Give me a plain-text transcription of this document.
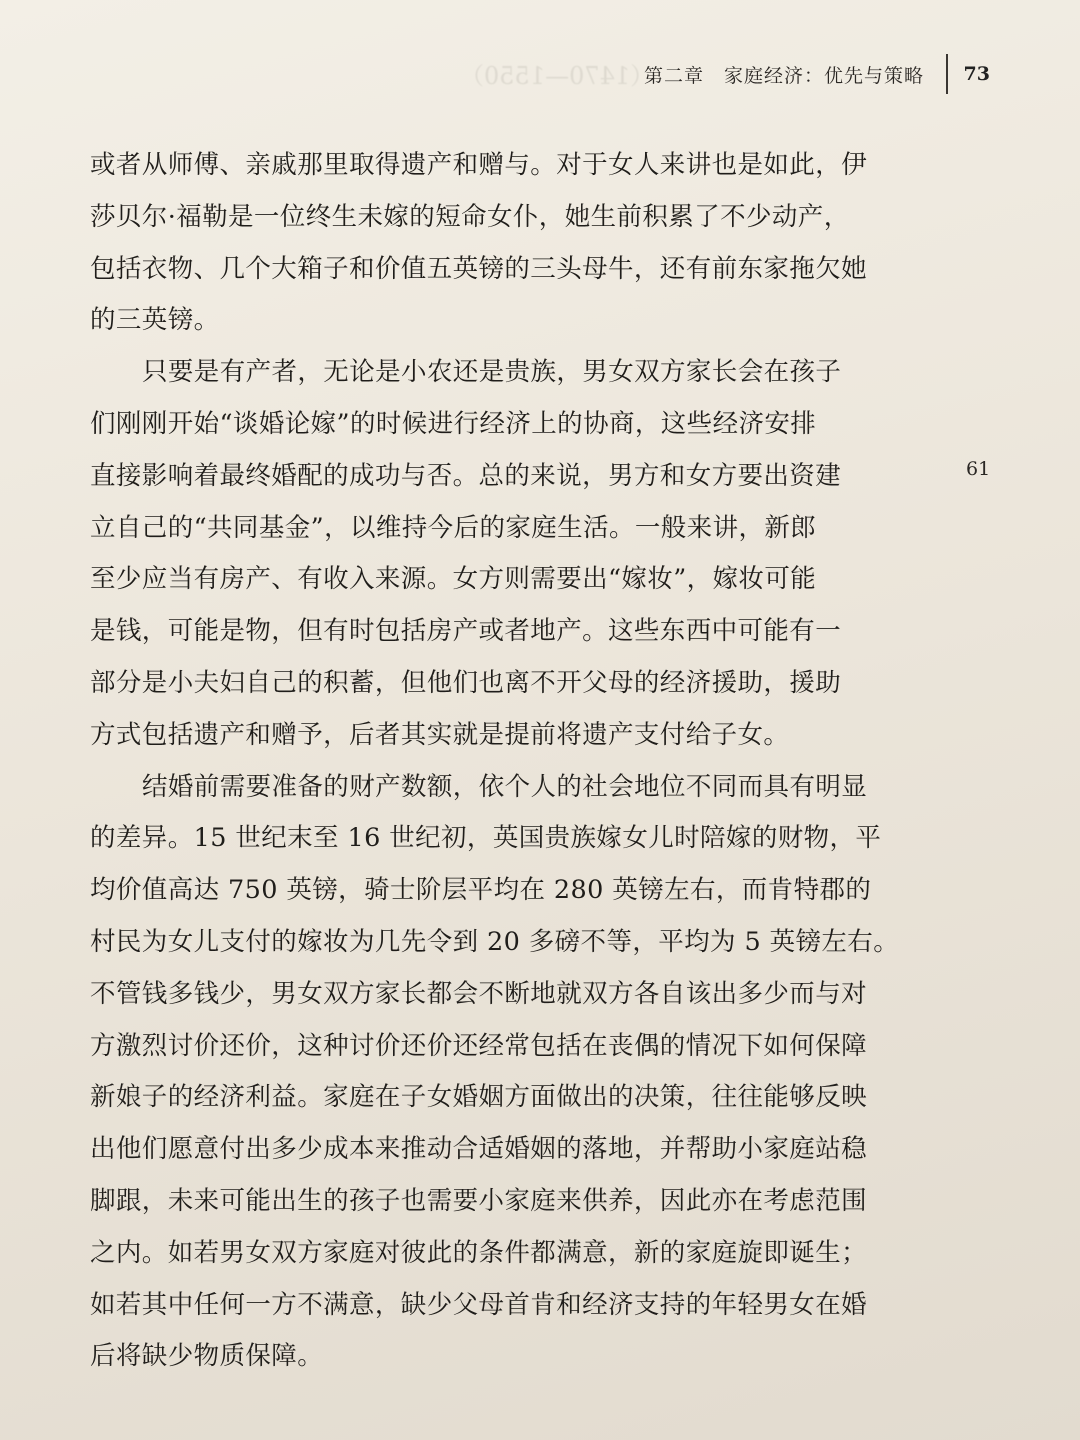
（1470—1550）
第二章　家庭经济：优先与策略 73
61
或者从师傅、亲戚那里取得遗产和赠与。对于女人来讲也是如此，伊
莎贝尔·福勒是一位终生未嫁的短命女仆，她生前积累了不少动产，
包括衣物、几个大箱子和价值五英镑的三头母牛，还有前东家拖欠她
的三英镑。
只要是有产者，无论是小农还是贵族，男女双方家长会在孩子
们刚刚开始“谈婚论嫁”的时候进行经济上的协商，这些经济安排
直接影响着最终婚配的成功与否。总的来说，男方和女方要出资建
立自己的“共同基金”，以维持今后的家庭生活。一般来讲，新郎
至少应当有房产、有收入来源。女方则需要出“嫁妆”，嫁妆可能
是钱，可能是物，但有时包括房产或者地产。这些东西中可能有一
部分是小夫妇自己的积蓄，但他们也离不开父母的经济援助，援助
方式包括遗产和赠予，后者其实就是提前将遗产支付给子女。
结婚前需要准备的财产数额，依个人的社会地位不同而具有明显
的差异。15 世纪末至 16 世纪初，英国贵族嫁女儿时陪嫁的财物，平
均价值高达 750 英镑，骑士阶层平均在 280 英镑左右，而肯特郡的
村民为女儿支付的嫁妆为几先令到 20 多磅不等，平均为 5 英镑左右。
不管钱多钱少，男女双方家长都会不断地就双方各自该出多少而与对
方激烈讨价还价，这种讨价还价还经常包括在丧偶的情况下如何保障
新娘子的经济利益。家庭在子女婚姻方面做出的决策，往往能够反映
出他们愿意付出多少成本来推动合适婚姻的落地，并帮助小家庭站稳
脚跟，未来可能出生的孩子也需要小家庭来供养，因此亦在考虑范围
之内。如若男女双方家庭对彼此的条件都满意，新的家庭旋即诞生；
如若其中任何一方不满意，缺少父母首肯和经济支持的年轻男女在婚
后将缺少物质保障。
